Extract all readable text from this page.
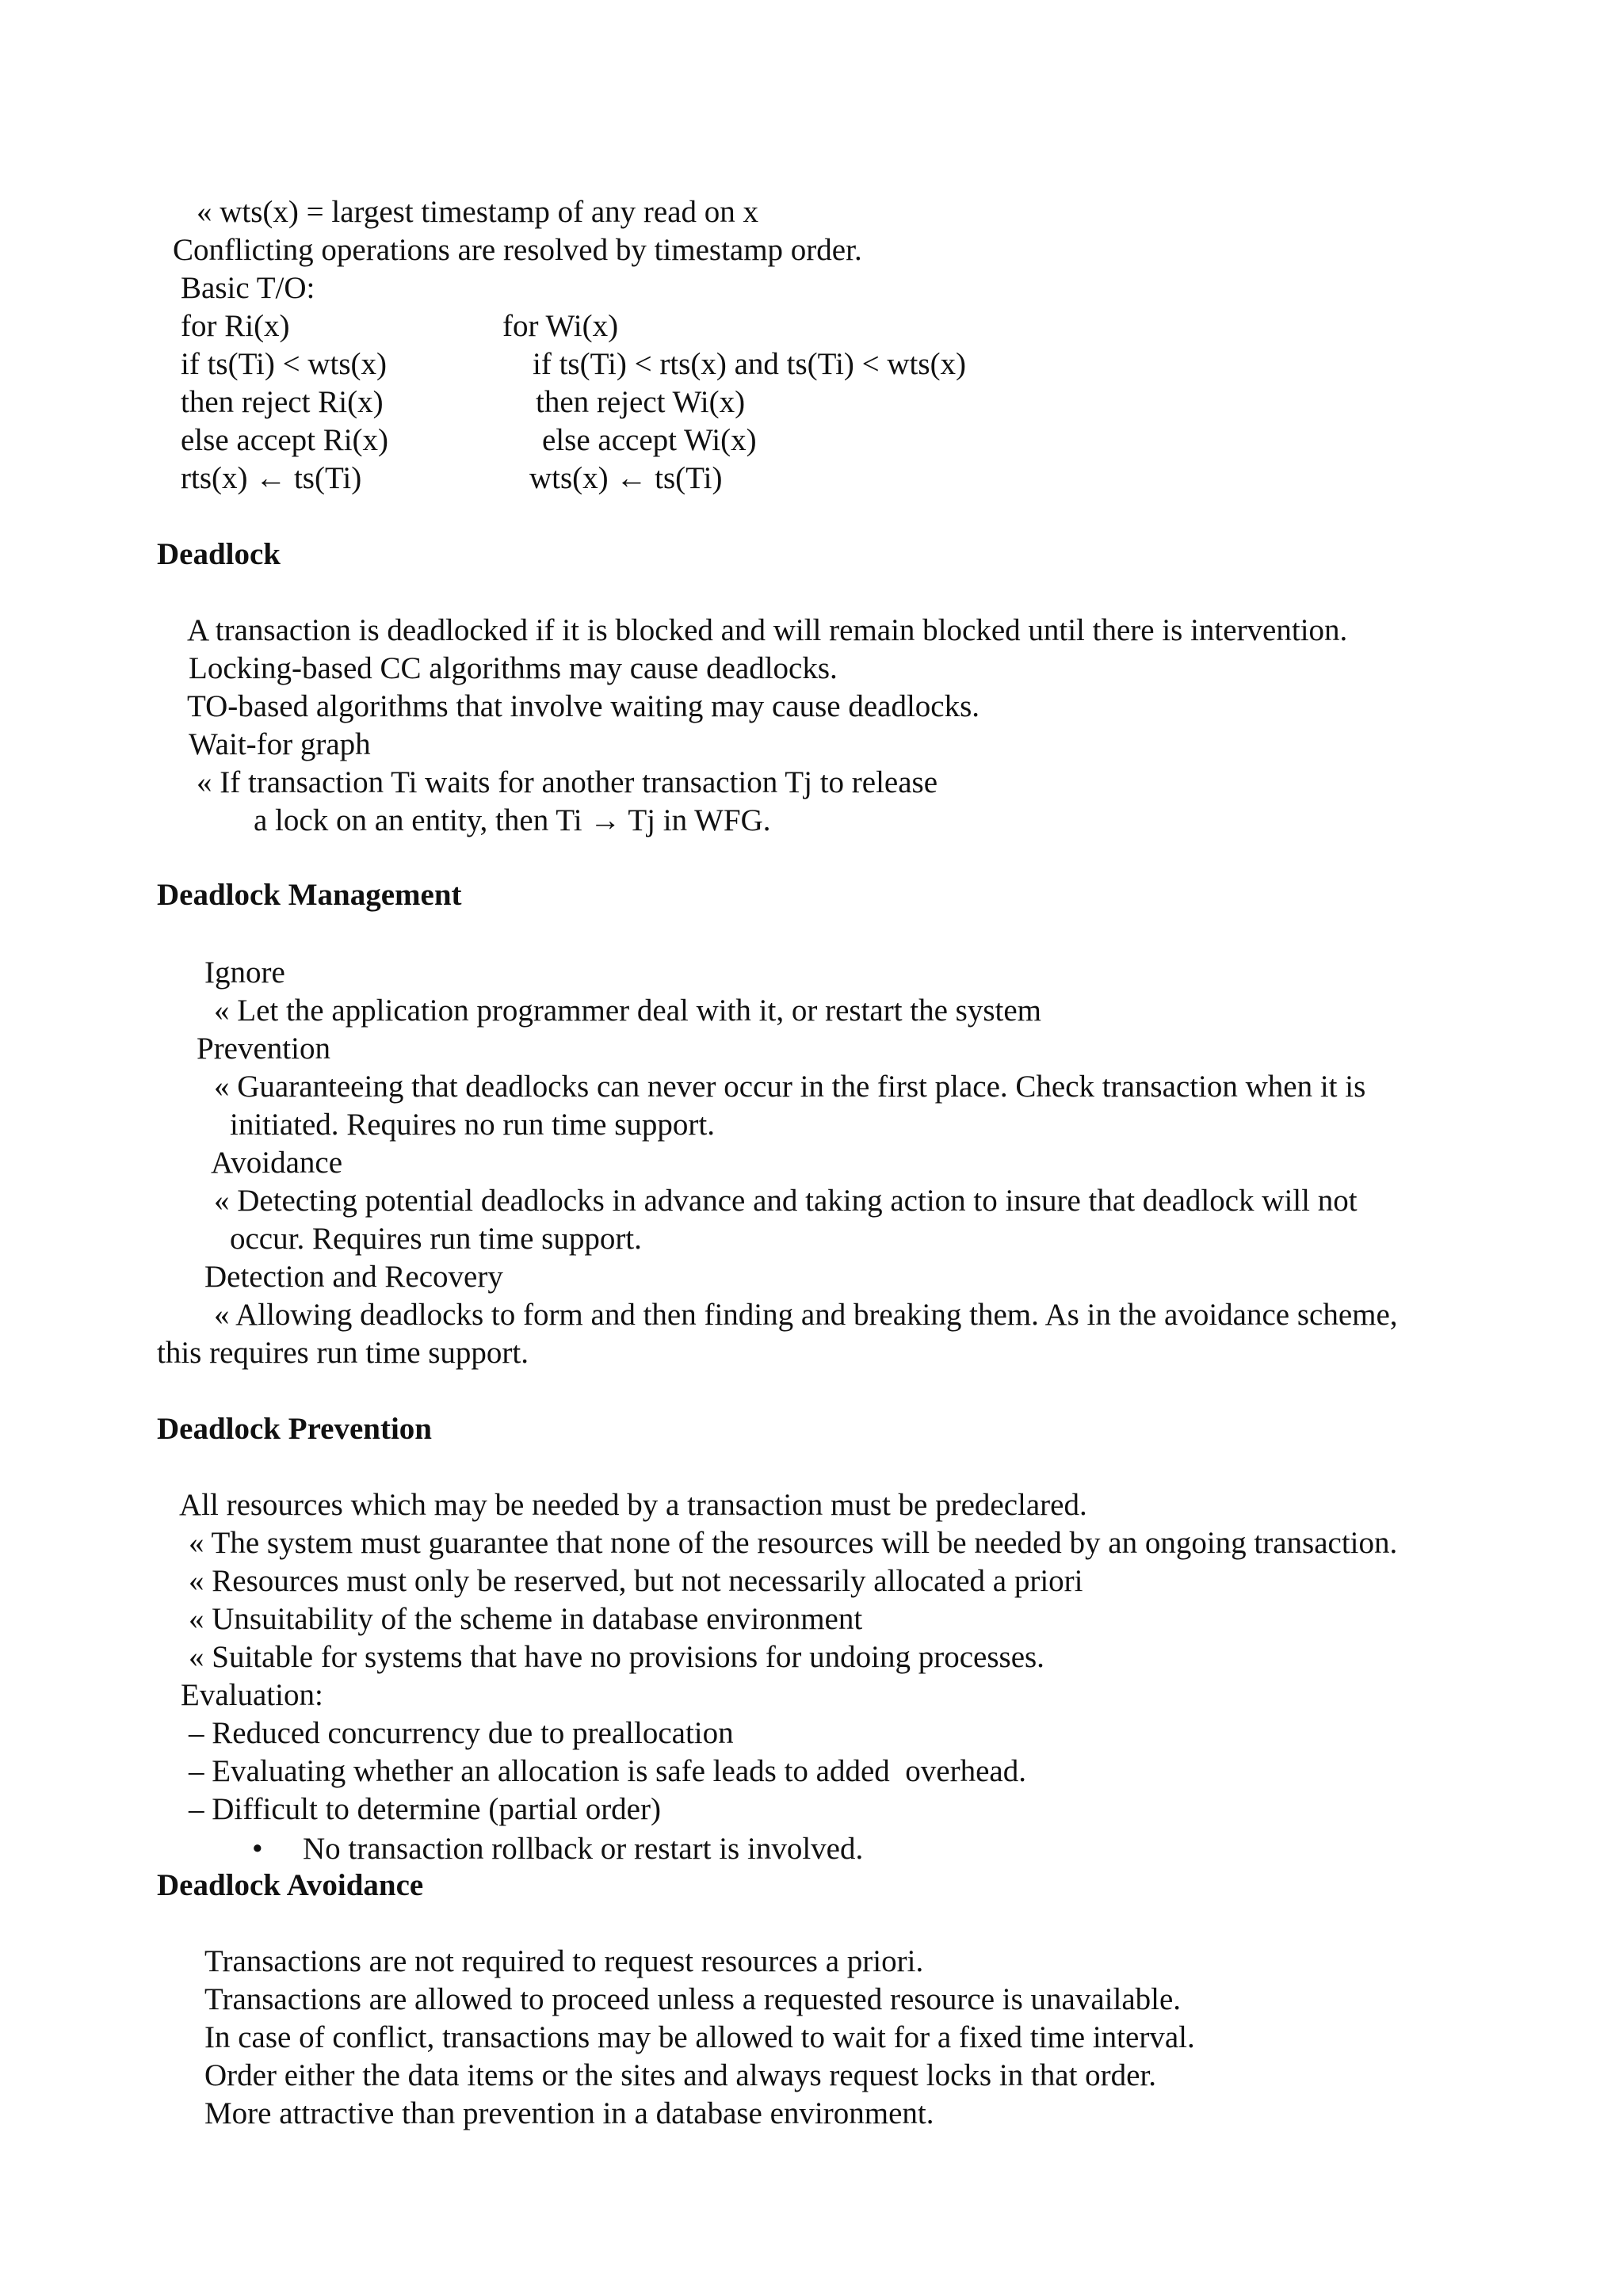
« wts(x) = largest timestamp of any read on x
Conflicting operations are resolved by timestamp order.
Basic T/O:
for Ri(x)
if ts(Ti) < wts(x)
then reject Ri(x)
else accept Ri(x)
rts(x) ← ts(Ti)
for Wi(x)
if ts(Ti) < rts(x) and ts(Ti) < wts(x)
then reject Wi(x)
else accept Wi(x)
wts(x) ← ts(Ti)
Deadlock
A transaction is deadlocked if it is blocked and will remain blocked until there is intervention.
Locking-based CC algorithms may cause deadlocks.
TO-based algorithms that involve waiting may cause deadlocks.
Wait-for graph
« If transaction Ti waits for another transaction Tj to release
a lock on an entity, then Ti → Tj in WFG.
Deadlock Management
Ignore
« Let the application programmer deal with it, or restart the system
Prevention
« Guaranteeing that deadlocks can never occur in the first place. Check transaction when it is
initiated. Requires no run time support.
Avoidance
« Detecting potential deadlocks in advance and taking action to insure that deadlock will not
occur. Requires run time support.
Detection and Recovery
« Allowing deadlocks to form and then finding and breaking them. As in the avoidance scheme,
this requires run time support.
Deadlock Prevention
All resources which may be needed by a transaction must be predeclared.
« The system must guarantee that none of the resources will be needed by an ongoing transaction.
« Resources must only be reserved, but not necessarily allocated a priori
« Unsuitability of the scheme in database environment
« Suitable for systems that have no provisions for undoing processes.
Evaluation:
– Reduced concurrency due to preallocation
– Evaluating whether an allocation is safe leads to added  overhead.
– Difficult to determine (partial order)
• No transaction rollback or restart is involved.
Deadlock Avoidance
Transactions are not required to request resources a priori.
Transactions are allowed to proceed unless a requested resource is unavailable.
In case of conflict, transactions may be allowed to wait for a fixed time interval.
Order either the data items or the sites and always request locks in that order.
More attractive than prevention in a database environment.
